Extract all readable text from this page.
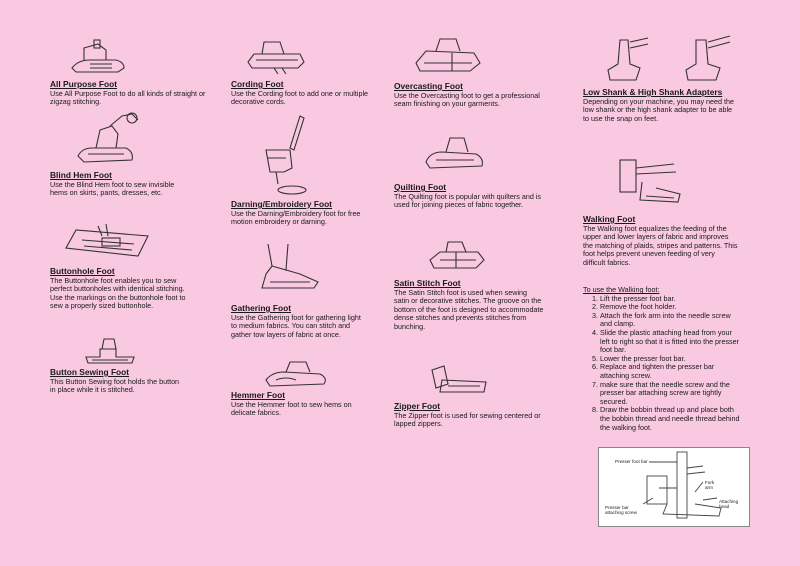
All Purpose Foot
Use All Purpose Foot to do all kinds of straight or zigzag stitching.
Blind Hem Foot
Use the Blind Hem foot to sew invisible hems on skirts, pants, dresses, etc.
Buttonhole Foot
The Buttonhole foot enables you to sew perfect buttonholes with identical stitching. Use the markings on the buttonhole foot to sew a properly sized buttonhole.
Button Sewing Foot
This Button Sewing foot holds the button in place while it is stitched.
Cording Foot
Use the Cording foot to add one or multiple decorative cords.
Darning/Embroidery Foot
Use the Darning/Embroidery foot for free motion embroidery or darning.
Gathering Foot
Use the Gathering foot for gathering light to medium fabrics. You can stitch and gather tow layers of fabric at once.
Hemmer Foot
Use the Hemmer foot to sew hems on delicate fabrics.
Overcasting Foot
Use the Overcasting foot to get a professional seam finishing on your garments.
Quilting Foot
The Quilting foot is popular with quilters and is used for joining pieces of fabric together.
Satin Stitch Foot
The Satin Stitch foot is used when sewing satin or decorative stitches. The groove on the bottom of the foot is designed to accommodate dense stitches and prevents stitches from bunching.
Zipper Foot
The Zipper foot is used for sewing centered or lapped zippers.
Low Shank & High Shank Adapters
Depending on your machine, you may need the low shank or the high shank adapter to be able to use the snap on feet.
Walking Foot
The Walking foot equalizes the feeding of the upper and lower layers of fabric and improves the matching of plaids, stripes and patterns. This foot helps prevent uneven feeding of very difficult fabrics.
To use the Walking foot:
1. Lift the presser foot bar.
2. Remove the foot holder.
3. Attach the fork arm into the needle screw and clamp.
4. Slide the plastic attaching head from your left to right so that it is fitted into the presser foot bar.
5. Lower the presser foot bar.
6. Replace and tighten the presser bar attaching screw.
7. make sure that the needle screw and the presser bar attaching screw are tightly secured.
8. Draw the bobbin thread up and place both the bobbin thread and needle thread behind the walking foot.
Presser foot bar
Fork arm
Presser bar attaching screw
Attaching head
